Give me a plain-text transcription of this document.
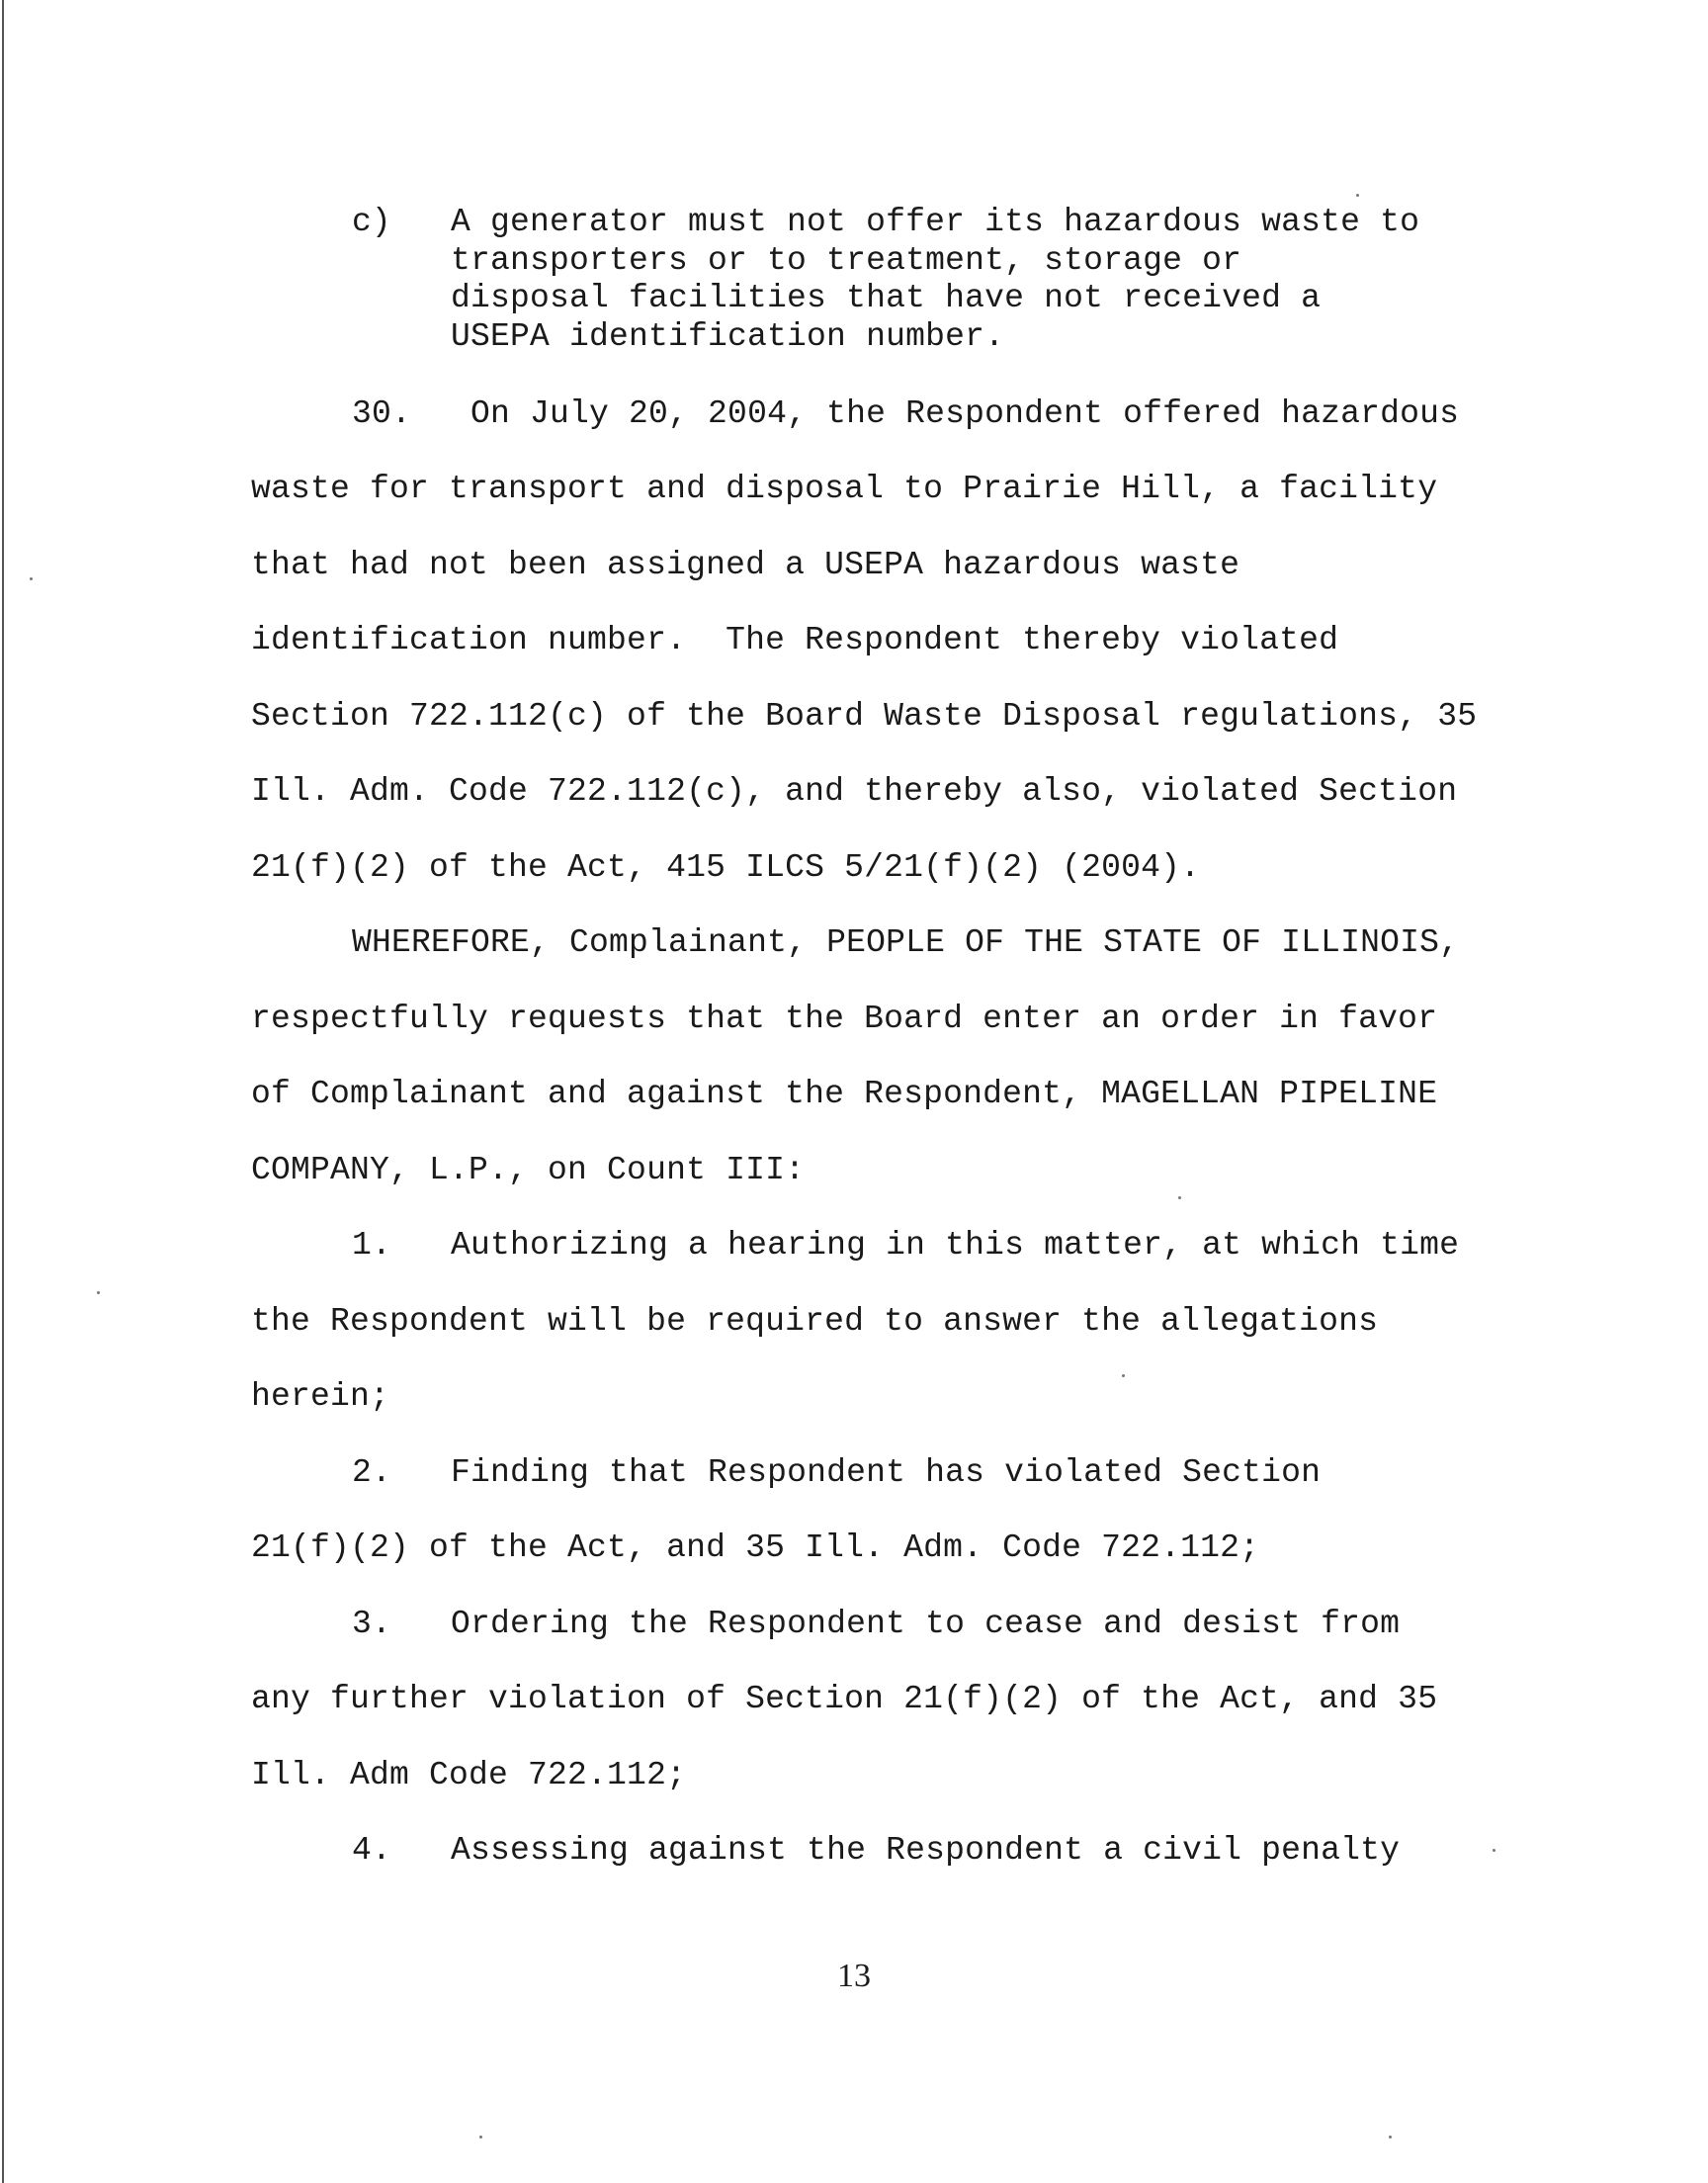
c) A generator must not offer its hazardous waste to
transporters or to treatment, storage or
disposal facilities that have not received a
USEPA identification number.
30.   On July 20, 2004, the Respondent offered hazardous
waste for transport and disposal to Prairie Hill, a facility
that had not been assigned a USEPA hazardous waste
identification number.  The Respondent thereby violated
Section 722.112(c) of the Board Waste Disposal regulations, 35
Ill. Adm. Code 722.112(c), and thereby also, violated Section
21(f)(2) of the Act, 415 ILCS 5/21(f)(2) (2004).
WHEREFORE, Complainant, PEOPLE OF THE STATE OF ILLINOIS,
respectfully requests that the Board enter an order in favor
of Complainant and against the Respondent, MAGELLAN PIPELINE
COMPANY, L.P., on Count III:
1.   Authorizing a hearing in this matter, at which time
the Respondent will be required to answer the allegations
herein;
2.   Finding that Respondent has violated Section
21(f)(2) of the Act, and 35 Ill. Adm. Code 722.112;
3.   Ordering the Respondent to cease and desist from
any further violation of Section 21(f)(2) of the Act, and 35
Ill. Adm Code 722.112;
4.   Assessing against the Respondent a civil penalty
13
